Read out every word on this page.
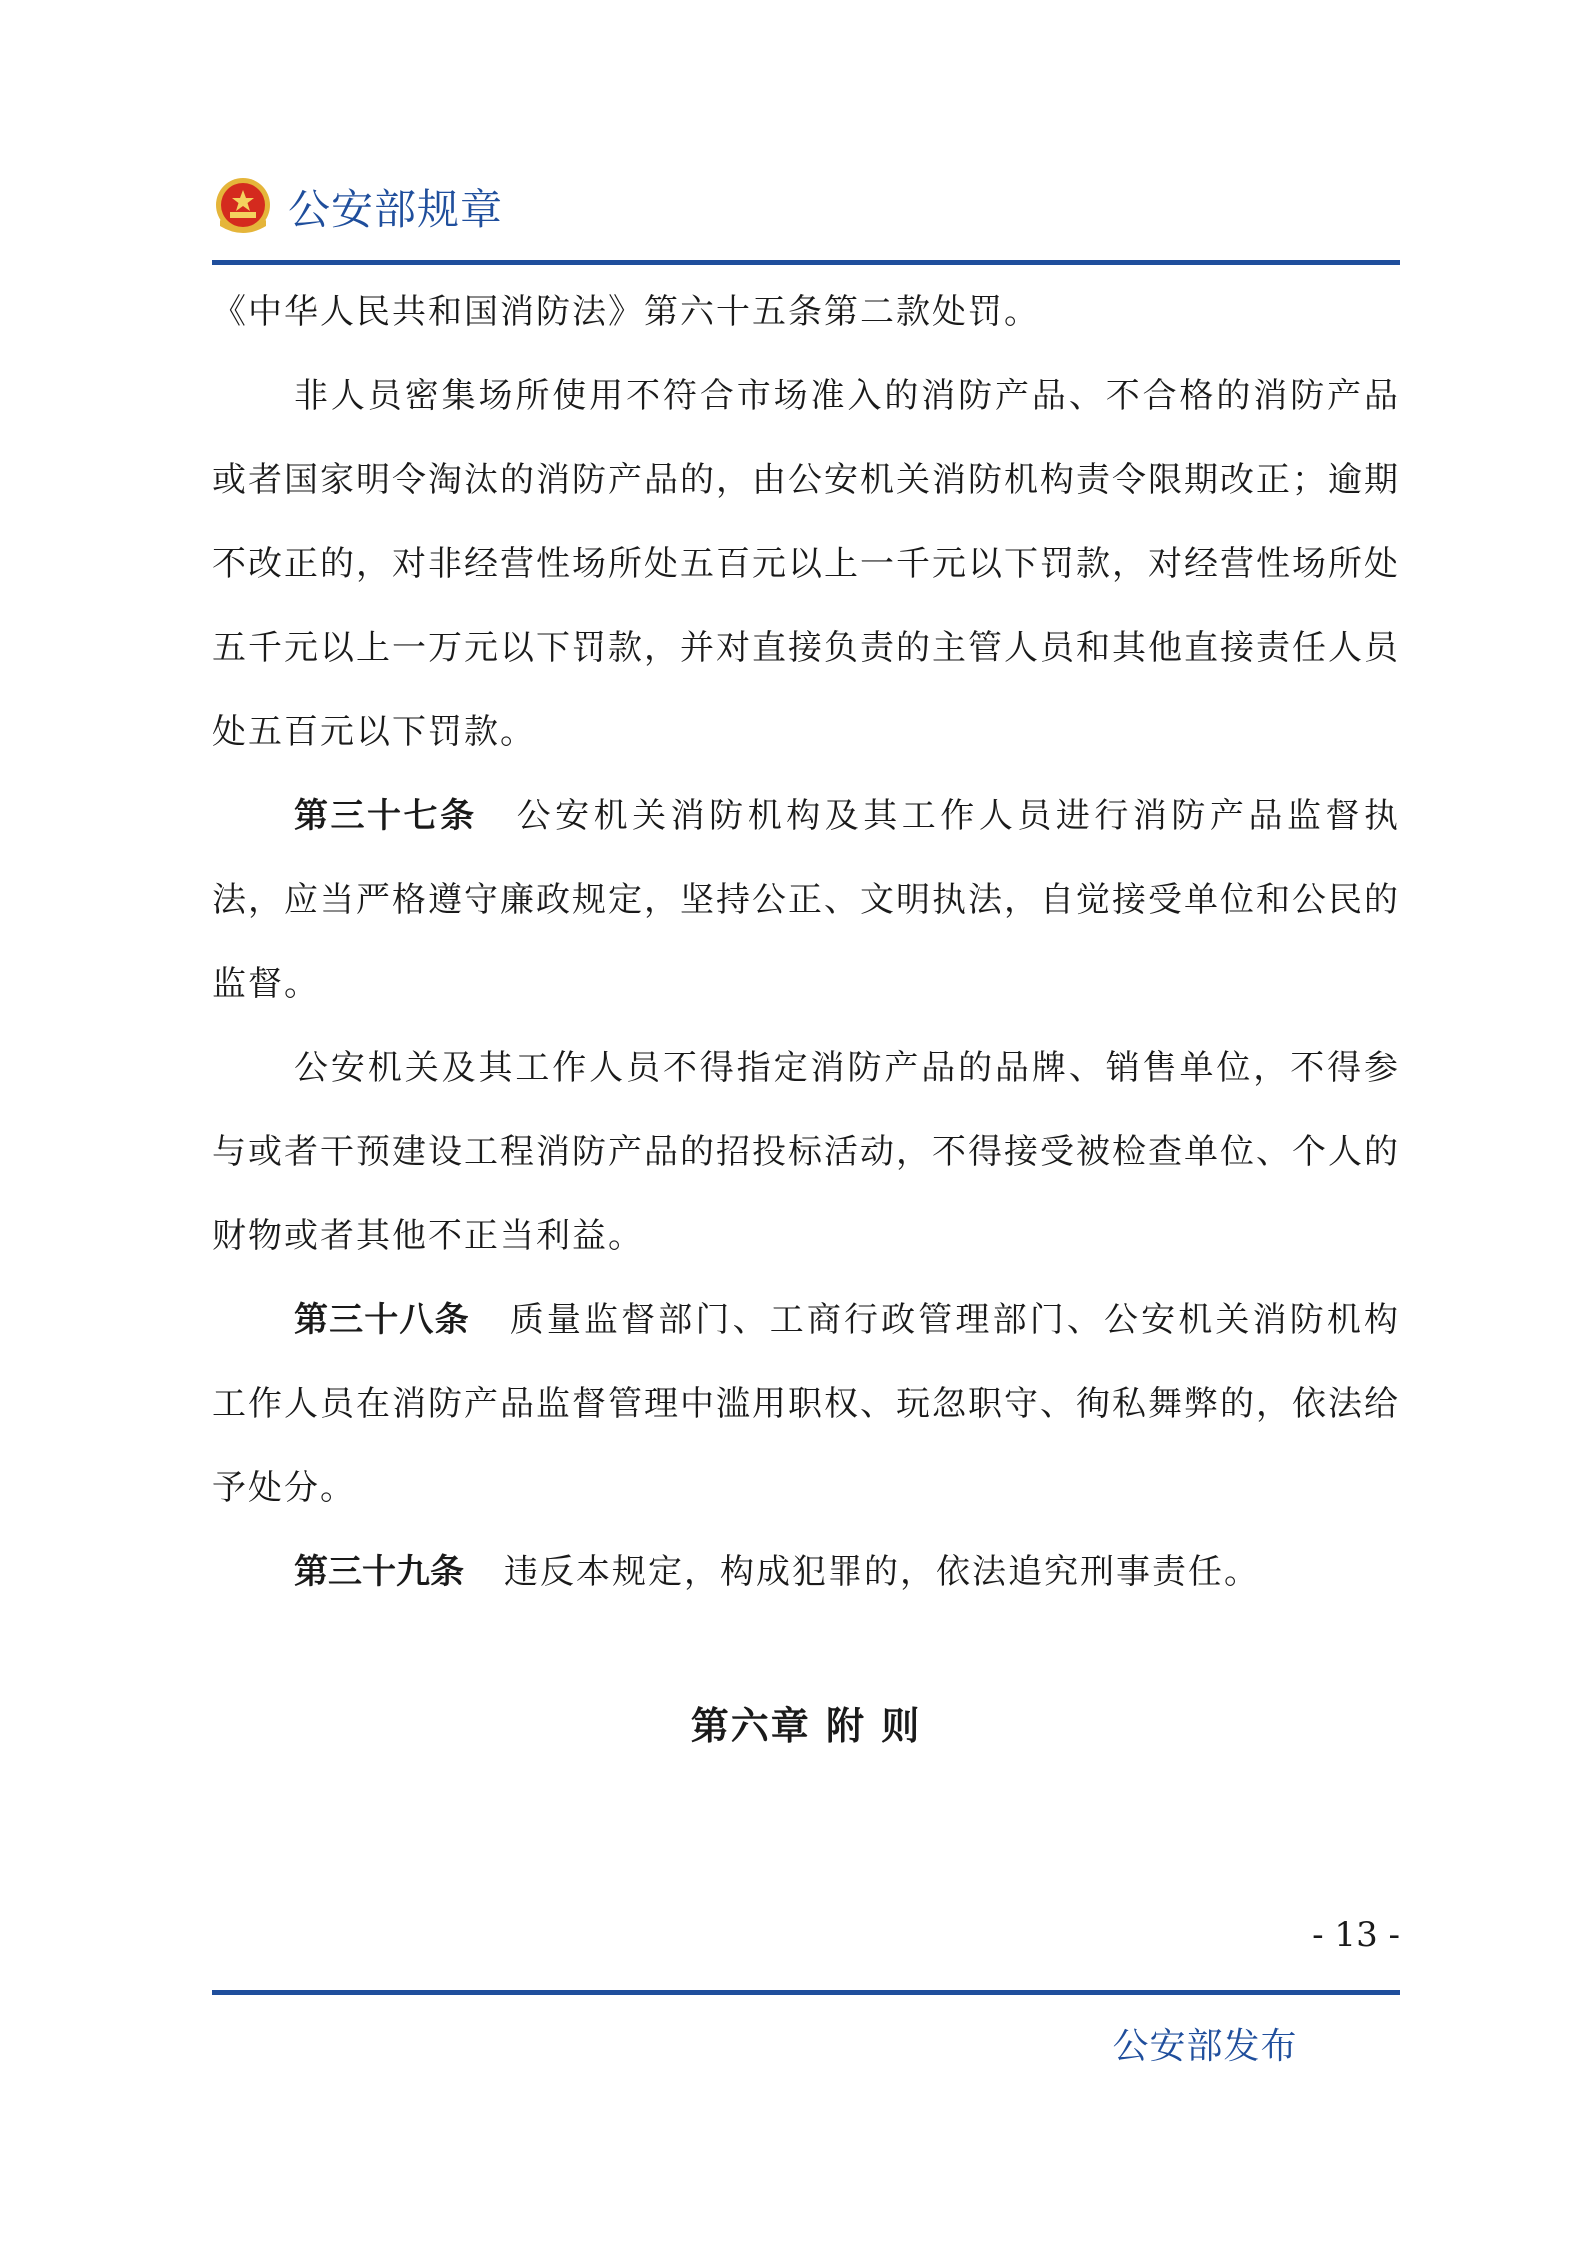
公安部规章

《中华人民共和国消防法》第六十五条第二款处罚。

非人员密集场所使用不符合市场准入的消防产品、不合格的消防产品或者国家明令淘汰的消防产品的，由公安机关消防机构责令限期改正；逾期不改正的，对非经营性场所处五百元以上一千元以下罚款，对经营性场所处五千元以上一万元以下罚款，并对直接负责的主管人员和其他直接责任人员处五百元以下罚款。

第三十七条 公安机关消防机构及其工作人员进行消防产品监督执法，应当严格遵守廉政规定，坚持公正、文明执法，自觉接受单位和公民的监督。

公安机关及其工作人员不得指定消防产品的品牌、销售单位，不得参与或者干预建设工程消防产品的招投标活动，不得接受被检查单位、个人的财物或者其他不正当利益。

第三十八条 质量监督部门、工商行政管理部门、公安机关消防机构工作人员在消防产品监督管理中滥用职权、玩忽职守、徇私舞弊的，依法给予处分。

第三十九条 违反本规定，构成犯罪的，依法追究刑事责任。

第六章 附 则
- 13 -
公安部发布
